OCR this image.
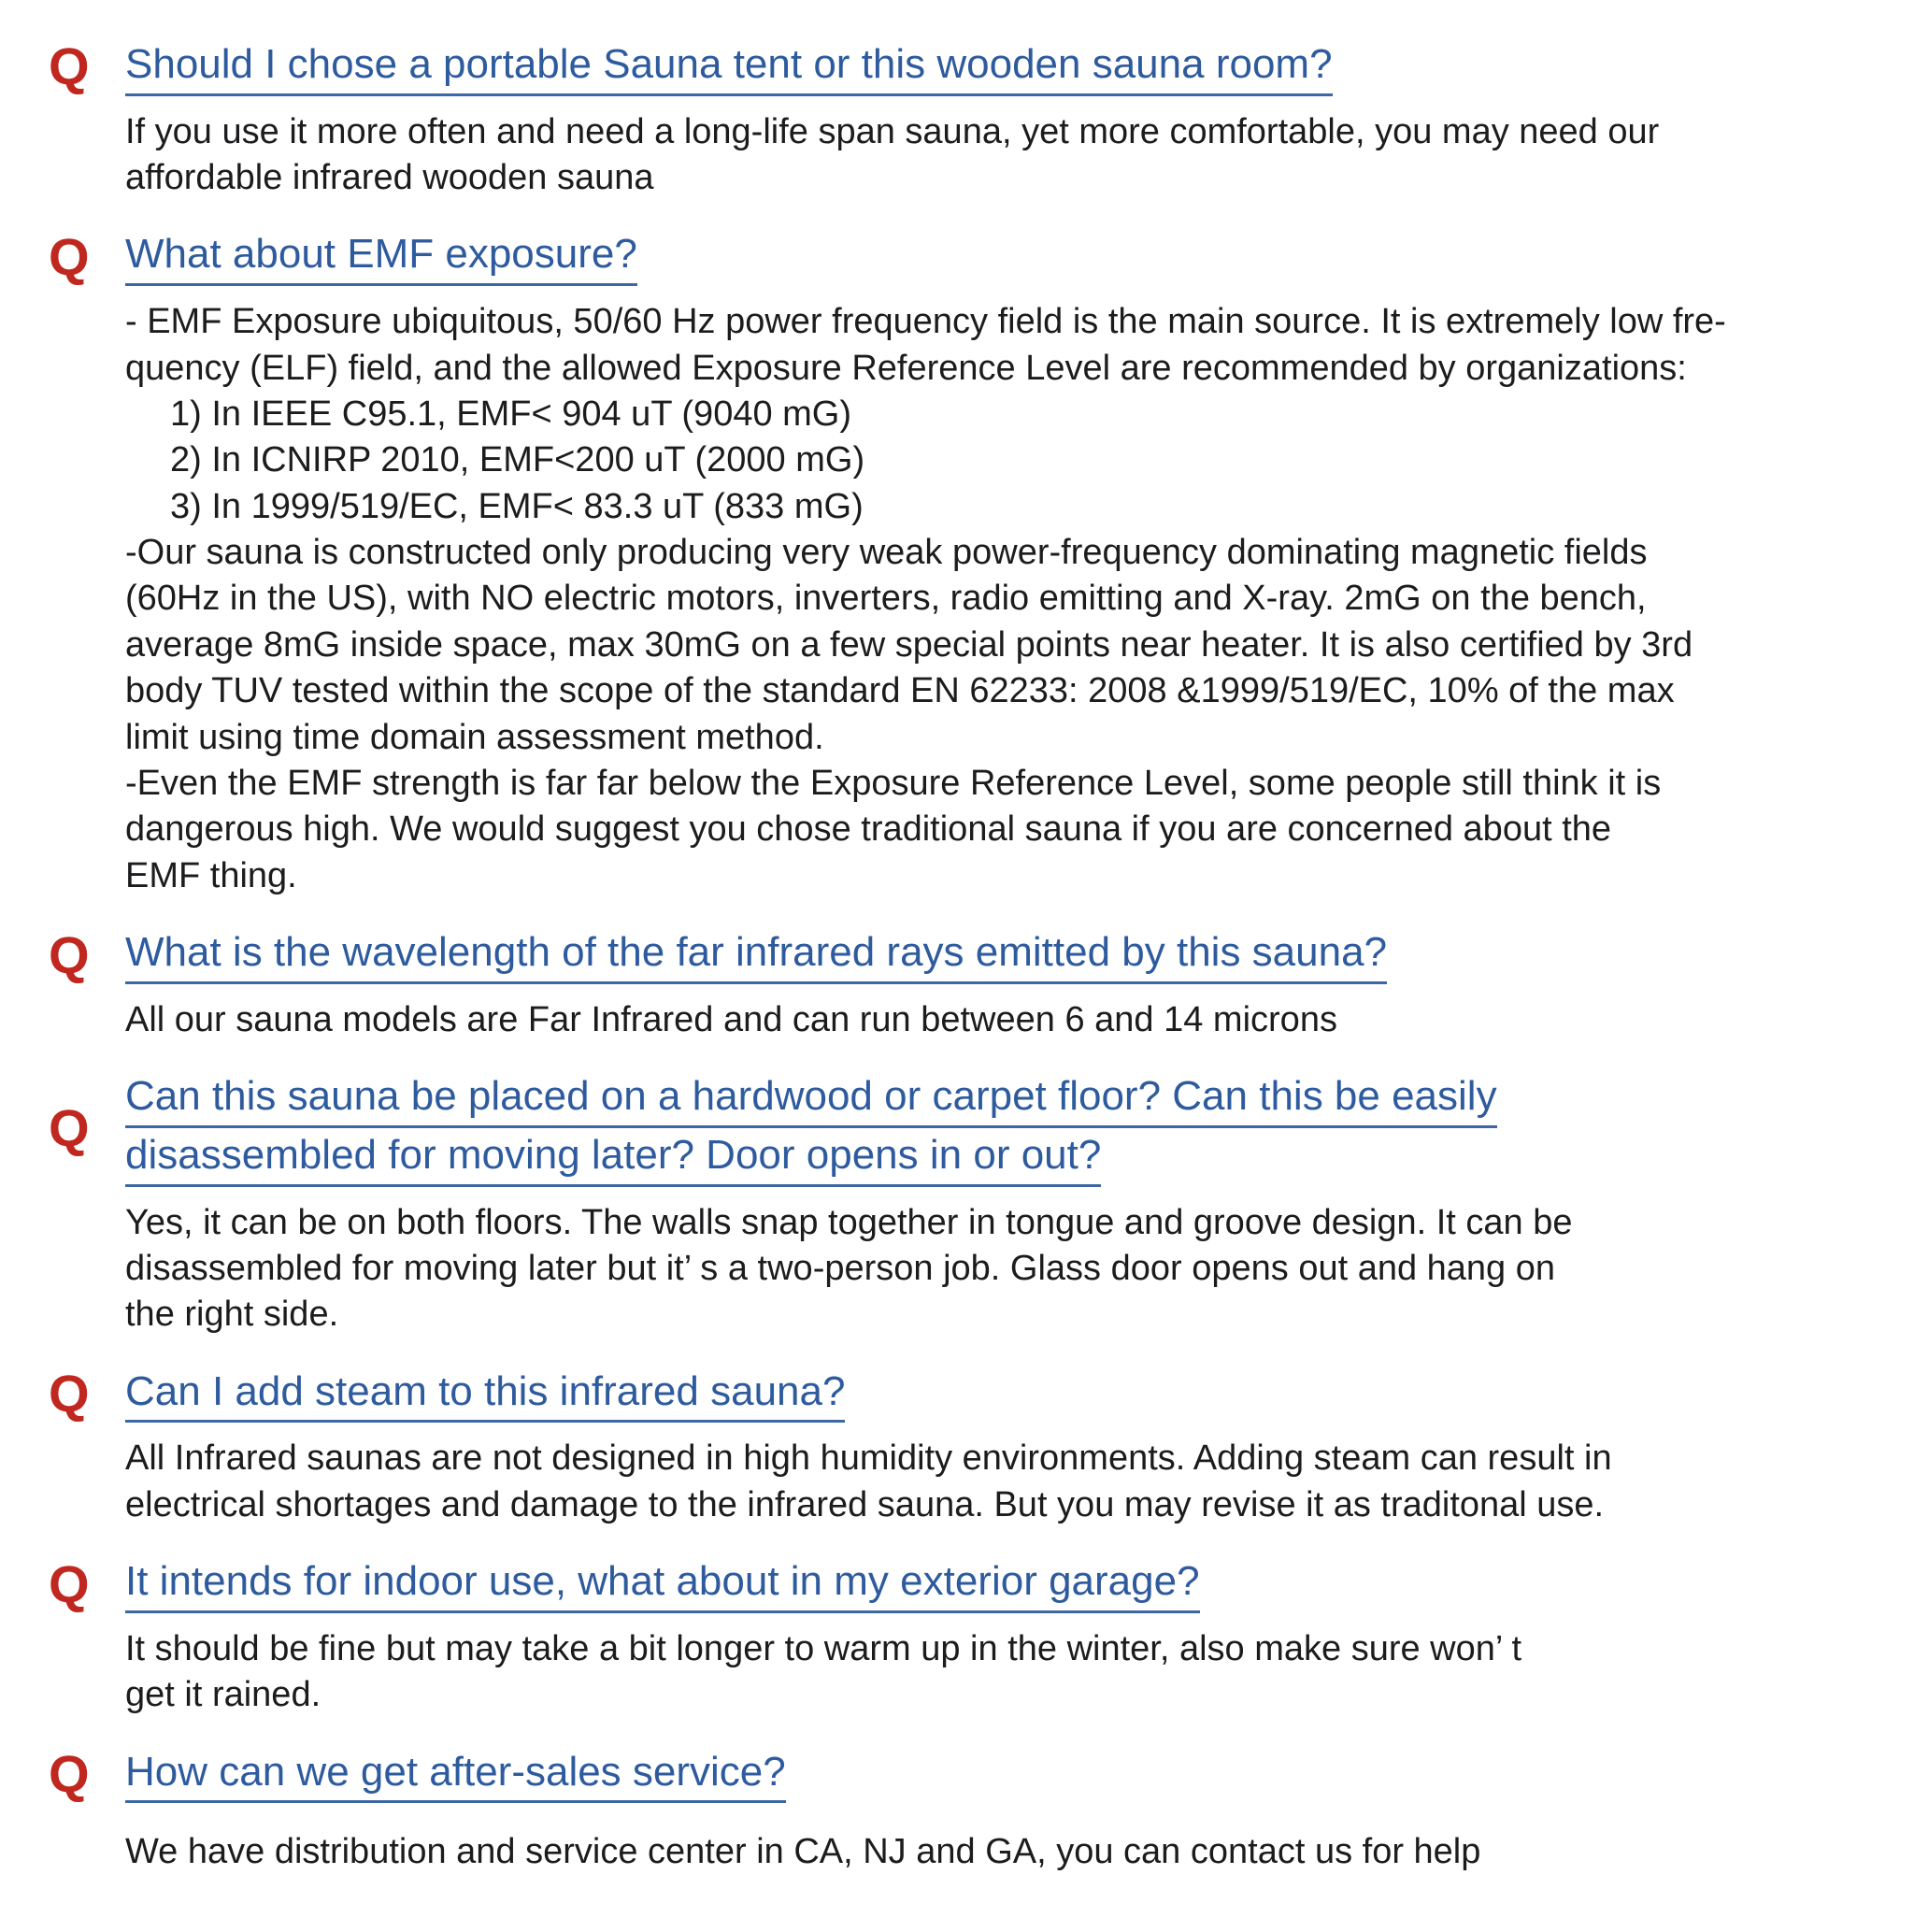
Q Should I chose a portable Sauna tent or this wooden sauna room?
If you use it more often and need a long-life span sauna, yet more comfortable, you may need our
affordable infrared wooden sauna
Q What about EMF exposure?
- EMF Exposure ubiquitous, 50/60 Hz power frequency field is the main source. It is extremely low fre-
quency (ELF) field, and the allowed Exposure Reference Level are recommended by organizations:
1) In IEEE C95.1, EMF< 904 uT (9040 mG)
2) In ICNIRP 2010, EMF<200 uT (2000 mG)
3) In 1999/519/EC, EMF< 83.3 uT (833 mG)
-Our sauna is constructed only producing very weak power-frequency dominating magnetic fields
(60Hz in the US), with NO electric motors, inverters, radio emitting and X-ray. 2mG on the bench,
average 8mG inside space, max 30mG on a few special points near heater. It is also certified by 3rd
body TUV tested within the scope of the standard EN 62233: 2008 &1999/519/EC, 10% of the max
limit using time domain assessment method.
-Even the EMF strength is far far below the Exposure Reference Level, some people still think it is
dangerous high. We would suggest you chose traditional sauna if you are concerned about the
EMF thing.
Q What is the wavelength of the far infrared rays emitted by this sauna?
All our sauna models are Far Infrared and can run between 6 and 14 microns
Q
Can this sauna be placed on a hardwood or carpet floor? Can this be easily
disassembled for moving later? Door opens in or out?
Yes, it can be on both floors. The walls snap together in tongue and groove design. It can be
disassembled for moving later but it’ s a two-person job. Glass door opens out and hang on
the right side.
Q Can I add steam to this infrared sauna?
All Infrared saunas are not designed in high humidity environments. Adding steam can result in
electrical shortages and damage to the infrared sauna. But you may revise it as traditonal use.
Q It intends for indoor use, what about in my exterior garage?
It should be fine but may take a bit longer to warm up in the winter, also make sure won’ t
get it rained.
Q How can we get after-sales service?
We have distribution and service center in CA, NJ and GA, you can contact us for help
